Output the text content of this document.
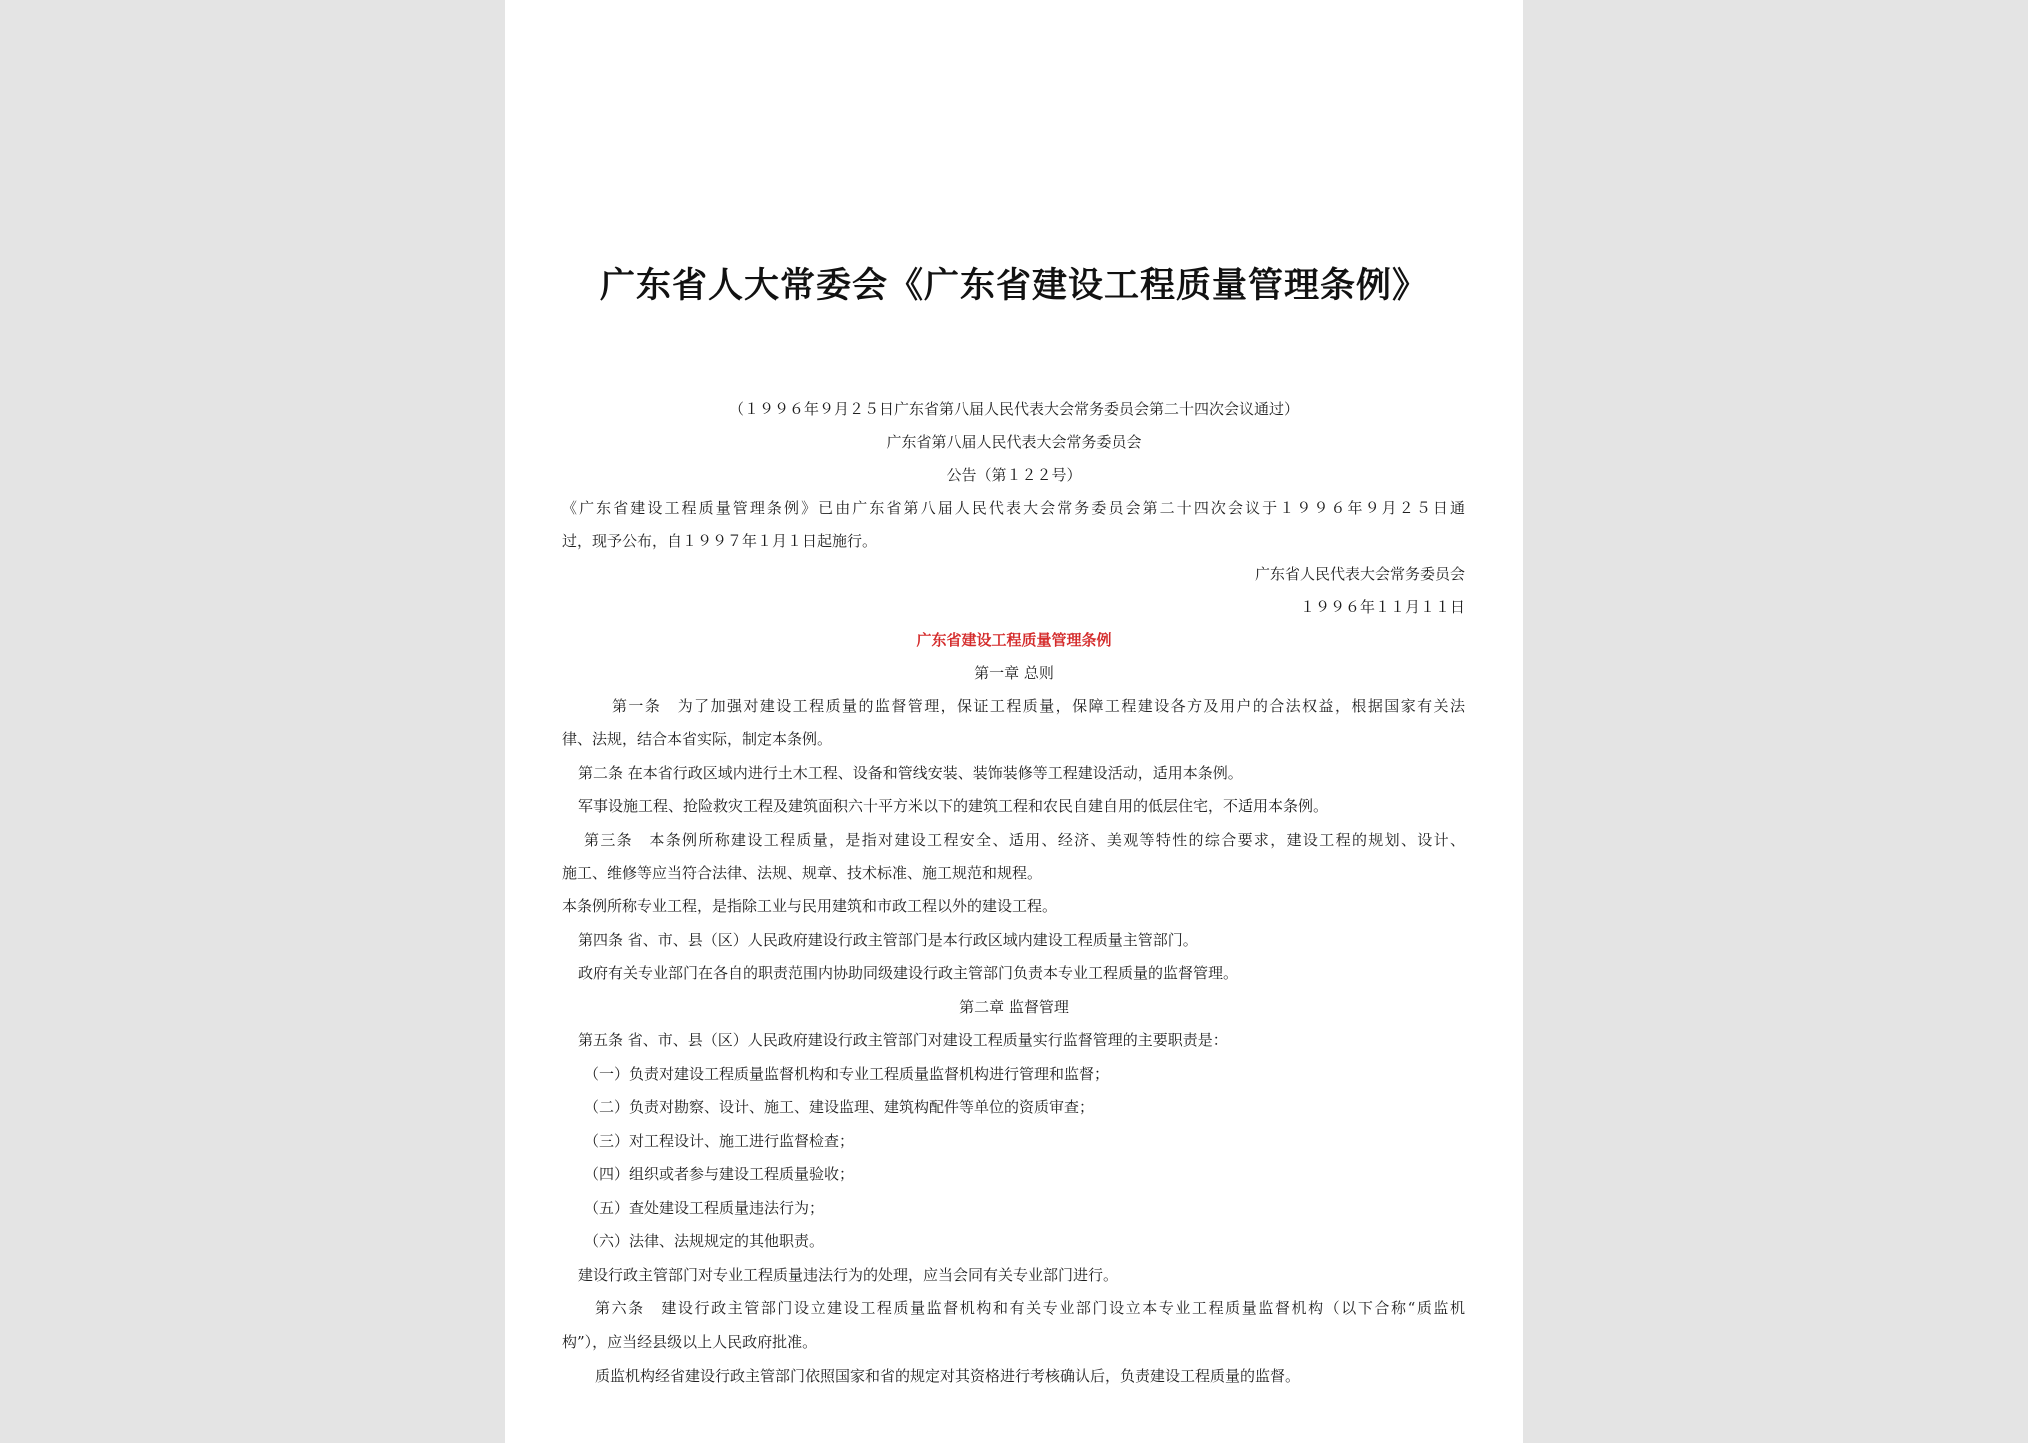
广东省人大常委会《广东省建设工程质量管理条例》
（１９９６年９月２５日广东省第八届人民代表大会常务委员会第二十四次会议通过）
广东省第八届人民代表大会常务委员会
公告（第１２２号）
《广东省建设工程质量管理条例》已由广东省第八届人民代表大会常务委员会第二十四次会议于１９９６年９月２５日通
过，现予公布，自１９９７年１月１日起施行。
广东省人民代表大会常务委员会
１９９６年１１月１１日
广东省建设工程质量管理条例
第一章 总则
第一条　为了加强对建设工程质量的监督管理，保证工程质量，保障工程建设各方及用户的合法权益，根据国家有关法
律、法规，结合本省实际，制定本条例。
第二条 在本省行政区域内进行土木工程、设备和管线安装、装饰装修等工程建设活动，适用本条例。
军事设施工程、抢险救灾工程及建筑面积六十平方米以下的建筑工程和农民自建自用的低层住宅，不适用本条例。
第三条　本条例所称建设工程质量，是指对建设工程安全、适用、经济、美观等特性的综合要求，建设工程的规划、设计、
施工、维修等应当符合法律、法规、规章、技术标准、施工规范和规程。
本条例所称专业工程，是指除工业与民用建筑和市政工程以外的建设工程。
第四条 省、市、县（区）人民政府建设行政主管部门是本行政区域内建设工程质量主管部门。
政府有关专业部门在各自的职责范围内协助同级建设行政主管部门负责本专业工程质量的监督管理。
第二章 监督管理
第五条 省、市、县（区）人民政府建设行政主管部门对建设工程质量实行监督管理的主要职责是：
（一）负责对建设工程质量监督机构和专业工程质量监督机构进行管理和监督；
（二）负责对勘察、设计、施工、建设监理、建筑构配件等单位的资质审查；
（三）对工程设计、施工进行监督检查；
（四）组织或者参与建设工程质量验收；
（五）查处建设工程质量违法行为；
（六）法律、法规规定的其他职责。
建设行政主管部门对专业工程质量违法行为的处理，应当会同有关专业部门进行。
第六条　建设行政主管部门设立建设工程质量监督机构和有关专业部门设立本专业工程质量监督机构（以下合称“质监机
构”），应当经县级以上人民政府批准。
质监机构经省建设行政主管部门依照国家和省的规定对其资格进行考核确认后，负责建设工程质量的监督。
